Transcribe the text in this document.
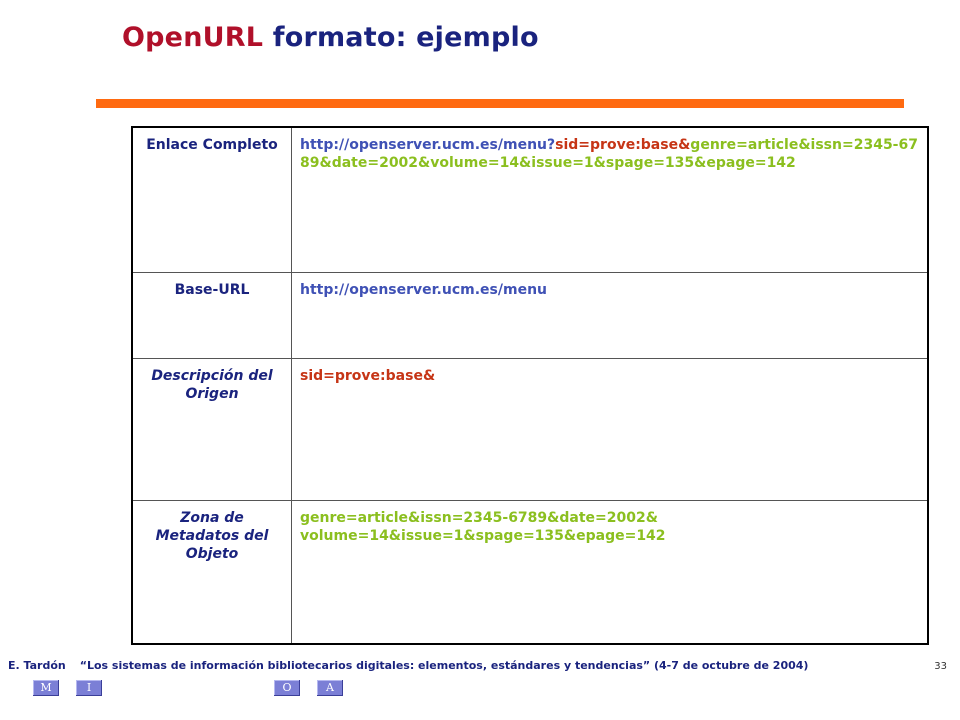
OpenURL formato: ejemplo
Enlace Completo	http://openserver.ucm.es/menu?sid=prove:base&genre=article&issn=2345-6789&date=2002&volume=14&issue=1&spage=135&epage=142
Base-URL	http://openserver.ucm.es/menu
Descripción del Origen	sid=prove:base&
Zona de Metadatos del Objeto	genre=article&issn=2345-6789&date=2002&
volume=14&issue=1&spage=135&epage=142
E. Tardón “Los sistemas de información bibliotecarios digitales: elementos, estándares y tendencias” (4-7 de octubre de 2004)	33
M	I	O	A
